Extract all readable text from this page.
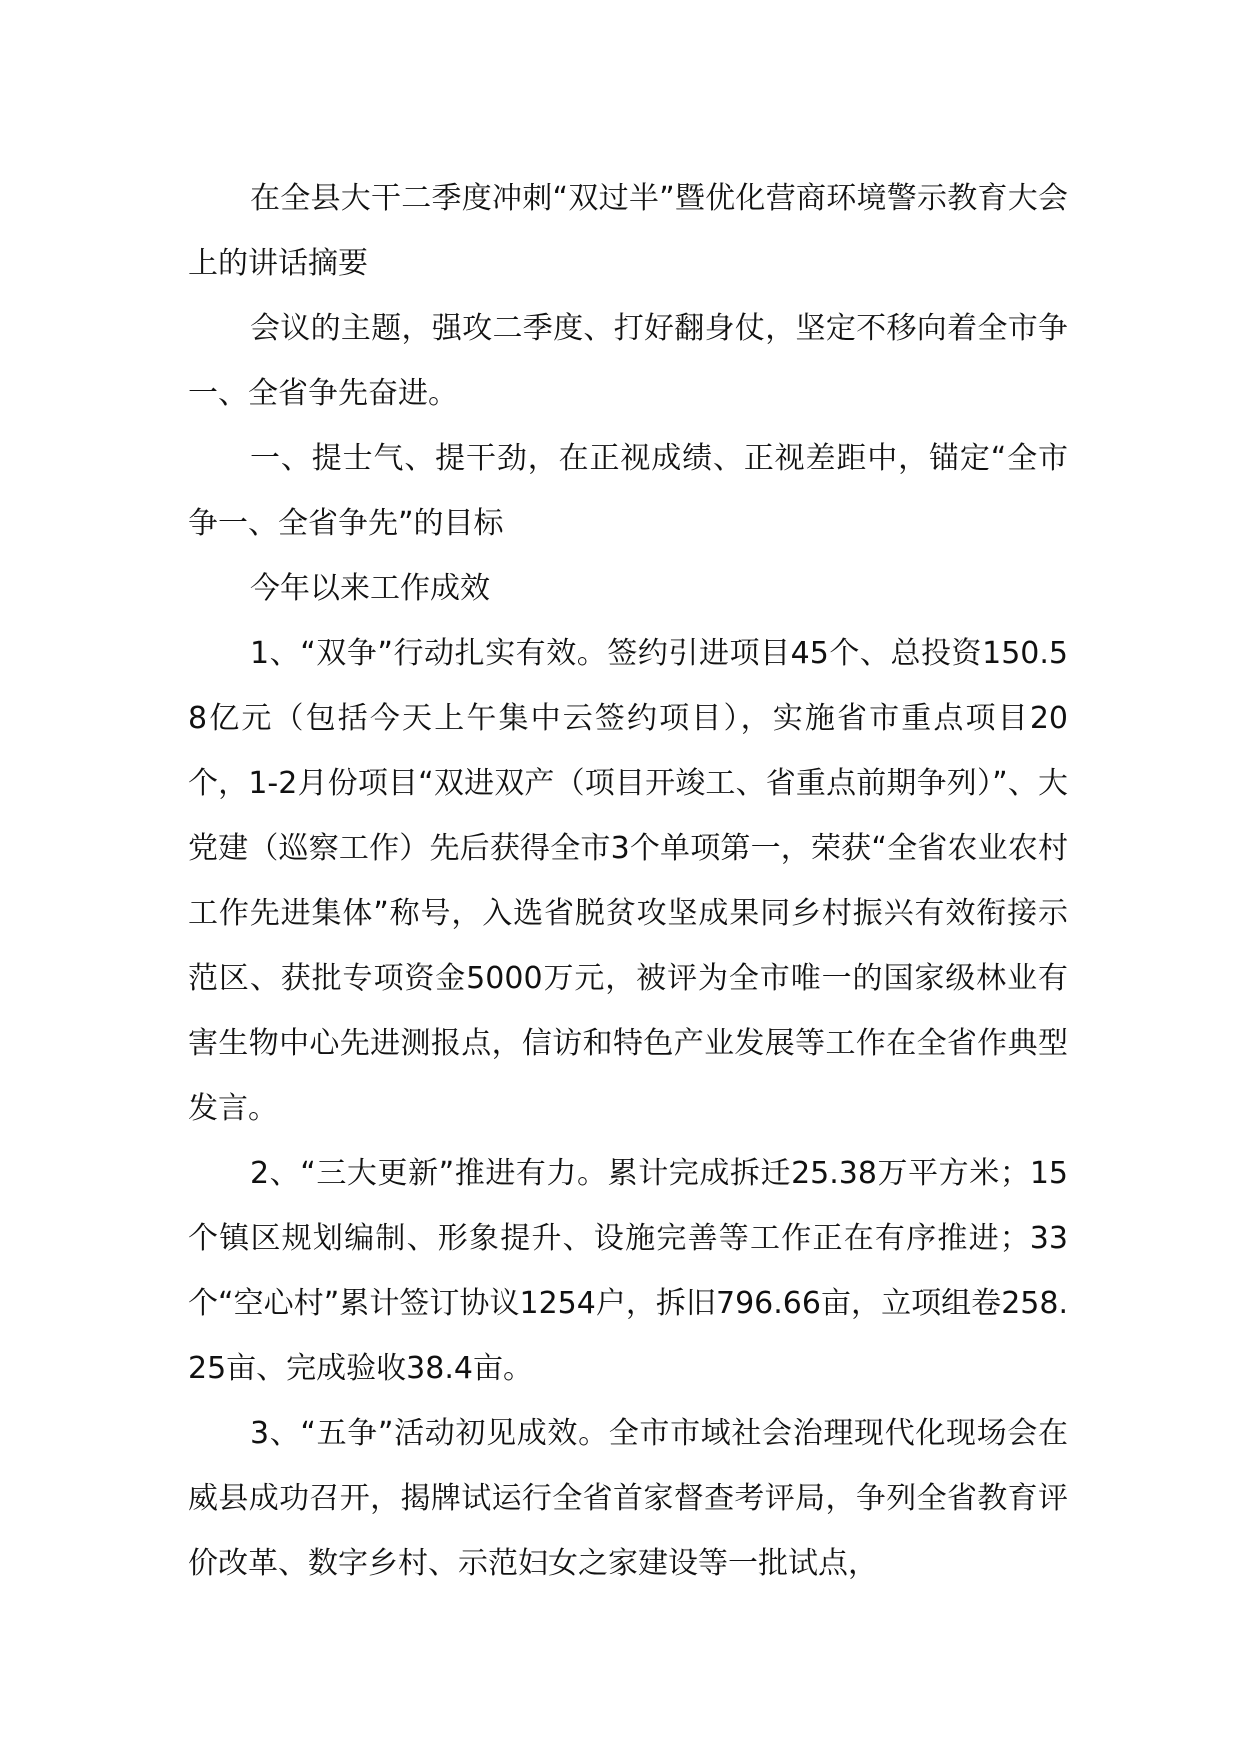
在全县大干二季度冲刺“双过半”暨优化营商环境警示教育大会上的讲话摘要

会议的主题，强攻二季度、打好翻身仗，坚定不移向着全市争一、全省争先奋进。

一、提士气、提干劲，在正视成绩、正视差距中，锚定“全市争一、全省争先”的目标

今年以来工作成效

1、“双争”行动扎实有效。签约引进项目45个、总投资150.58亿元（包括今天上午集中云签约项目），实施省市重点项目20个，1-2月份项目“双进双产（项目开竣工、省重点前期争列）”、大党建（巡察工作）先后获得全市3个单项第一，荣获“全省农业农村工作先进集体”称号，入选省脱贫攻坚成果同乡村振兴有效衔接示范区、获批专项资金5000万元，被评为全市唯一的国家级林业有害生物中心先进测报点，信访和特色产业发展等工作在全省作典型发言。

2、“三大更新”推进有力。累计完成拆迁25.38万平方米；15个镇区规划编制、形象提升、设施完善等工作正在有序推进；33个“空心村”累计签订协议1254户，拆旧796.66亩，立项组卷258.25亩、完成验收38.4亩。

3、“五争”活动初见成效。全市市域社会治理现代化现场会在威县成功召开，揭牌试运行全省首家督查考评局，争列全省教育评价改革、数字乡村、示范妇女之家建设等一批试点，
